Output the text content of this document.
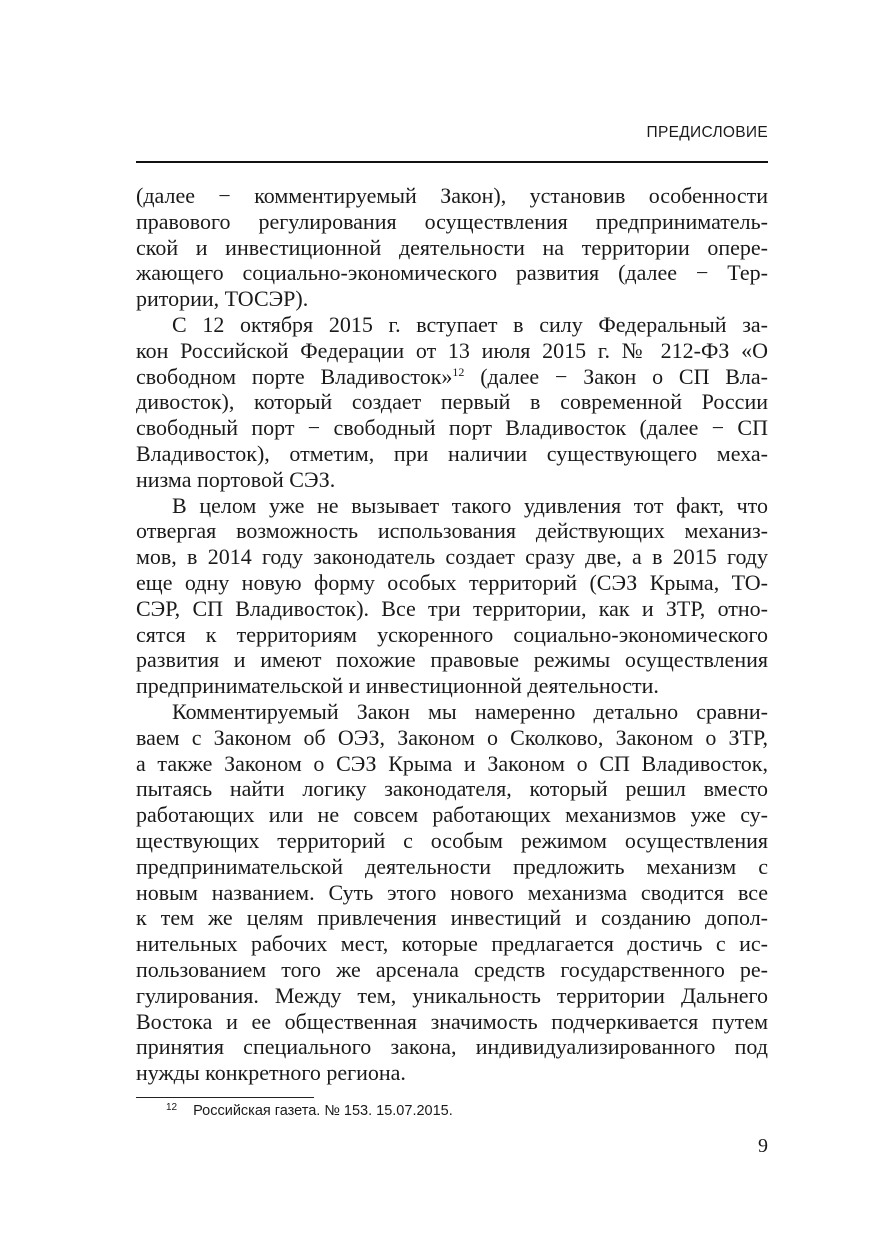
ПРЕДИСЛОВИЕ
(далее − комментируемый Закон), установив особенности
правового регулирования осуществления предприниматель-
ской и инвестиционной деятельности на территории опере-
жающего социально-экономического развития (далее − Тер-
ритории, ТОСЭР).
С 12 октября 2015 г. вступает в силу Федеральный за-
кон Российской Федерации от 13 июля 2015 г. № 212-ФЗ «О
свободном порте Владивосток»$^{12}$ (далее − Закон о СП Вла-
дивосток), который создает первый в современной России
свободный порт − свободный порт Владивосток (далее − СП
Владивосток), отметим, при наличии существующего меха-
низма портовой СЭЗ.
В целом уже не вызывает такого удивления тот факт, что
отвергая возможность использования действующих механиз-
мов, в 2014 году законодатель создает сразу две, а в 2015 году
еще одну новую форму особых территорий (СЭЗ Крыма, ТО-
СЭР, СП Владивосток). Все три территории, как и ЗТР, отно-
сятся к территориям ускоренного социально-экономического
развития и имеют похожие правовые режимы осуществления
предпринимательской и инвестиционной деятельности.
Комментируемый Закон мы намеренно детально сравни-
ваем с Законом об ОЭЗ, Законом о Сколково, Законом о ЗТР,
а также Законом о СЭЗ Крыма и Законом о СП Владивосток,
пытаясь найти логику законодателя, который решил вместо
работающих или не совсем работающих механизмов уже су-
ществующих территорий с особым режимом осуществления
предпринимательской деятельности предложить механизм с
новым названием. Суть этого нового механизма сводится все
к тем же целям привлечения инвестиций и созданию допол-
нительных рабочих мест, которые предлагается достичь с ис-
пользованием того же арсенала средств государственного ре-
гулирования. Между тем, уникальность территории Дальнего
Востока и ее общественная значимость подчеркивается путем
принятия специального закона, индивидуализированного под
нужды конкретного региона.
$^{12}$ Российская газета. № 153. 15.07.2015.
9
